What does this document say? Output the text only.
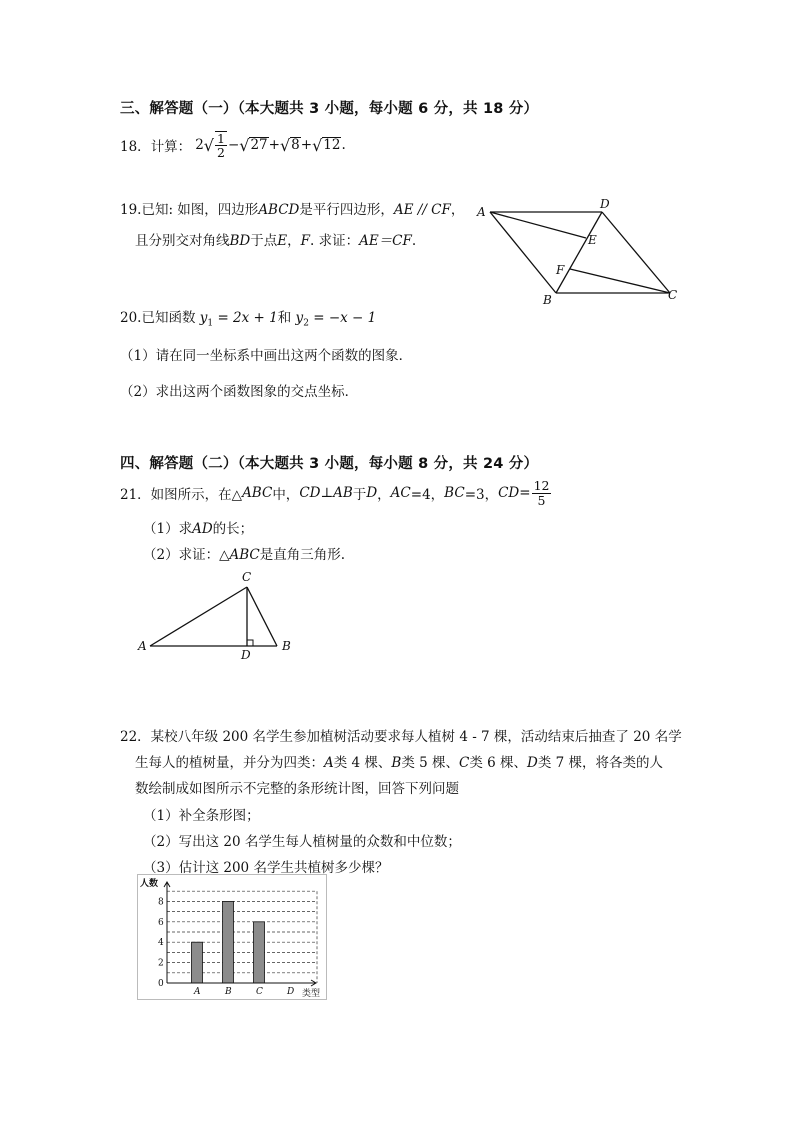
三、解答题（一）（本大题共 3 小题，每小题 6 分，共 18 分）
18． 计算： 2 √ $\frac{1}{2}$ − √ 27 + √ 8 + √ 12 .
19.已知: 如图，四边形ABCD是平行四边形，AE // CF，
且分别交对角线BD于点E，F. 求证：AE＝CF.
A
D
E
F
B	C
20.已知函数 $y_1 = 2x + 1$和 $y_2 = -x - 1$
（1）请在同一坐标系中画出这两个函数的图象．
（2）求出这两个函数图象的交点坐标．
四、解答题（二）（本大题共 3 小题，每小题 8 分，共 24 分）
21．如图所示，在△ ABC 中， CD ⊥ AB 于 D ， AC =4， BC =3， CD = $\frac{12}{5}$
（1）求AD的长；
（2）求证：△ABC是直角三角形.
A
C
D
B
22．某校八年级 200 名学生参加植树活动要求每人植树 4 - 7 棵，活动结束后抽查了 20 名学
生每人的植树量，并分为四类：A类 4 棵、B类 5 棵、C类 6 棵、D类 7 棵，将各类的人
数绘制成如图所示不完整的条形统计图，回答下列问题
（1）补全条形图；
（2）写出这 20 名学生每人植树量的众数和中位数；
（3）估计这 200 名学生共植树多少棵？
0
2
4
6
8
A	B	C	D
人数
类型
